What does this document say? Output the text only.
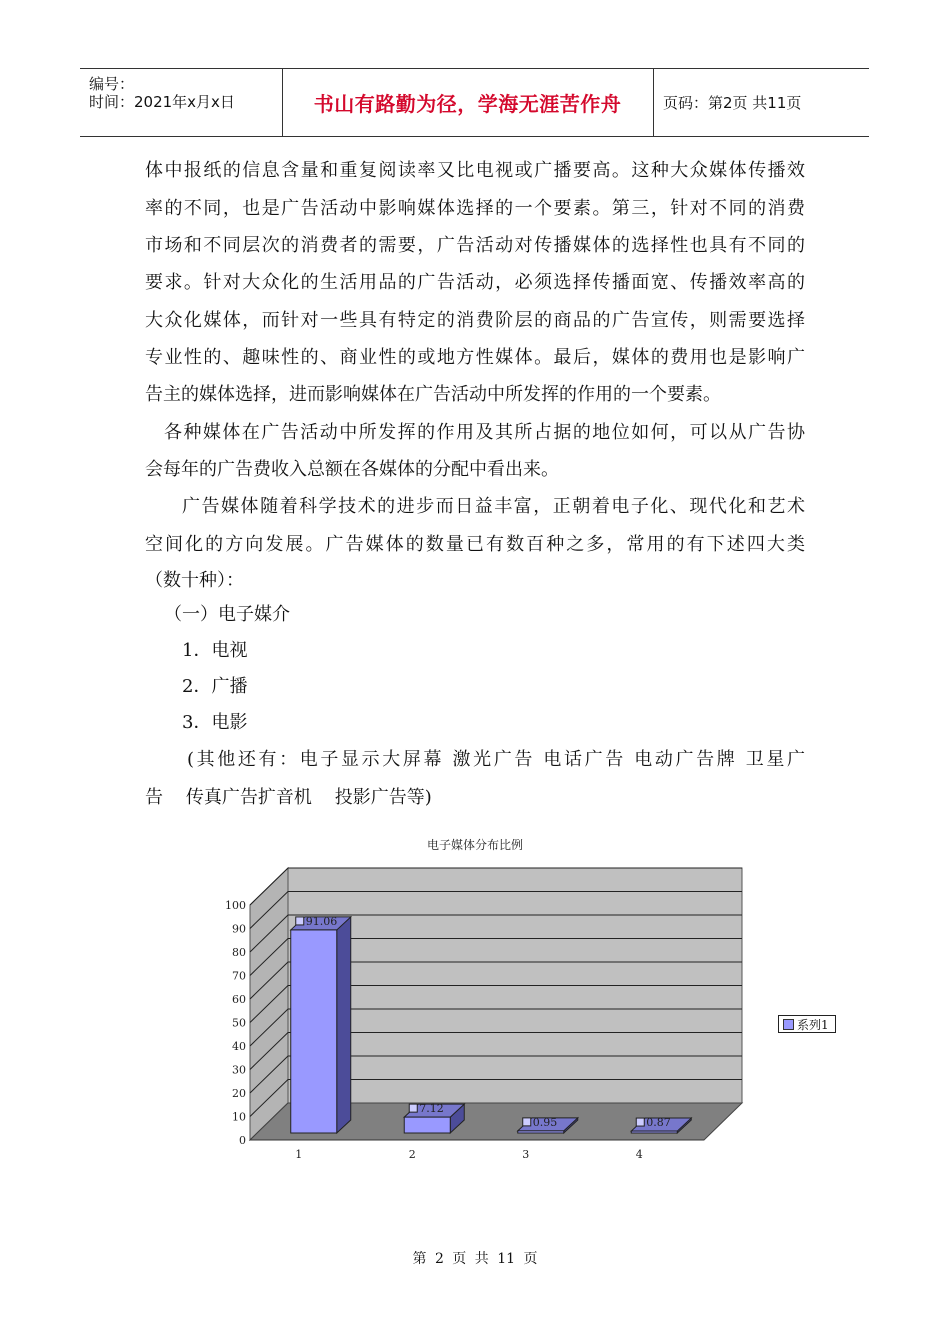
编号：
时间：2021年x月x日	书山有路勤为径，学海无涯苦作舟	页码：第2页 共11页
体中报纸的信息含量和重复阅读率又比电视或广播要高。这种大众媒体传播效
率的不同，也是广告活动中影响媒体选择的一个要素。第三，针对不同的消费
市场和不同层次的消费者的需要，广告活动对传播媒体的选择性也具有不同的
要求。针对大众化的生活用品的广告活动，必须选择传播面宽、传播效率高的
大众化媒体，而针对一些具有特定的消费阶层的商品的广告宣传，则需要选择
专业性的、趣味性的、商业性的或地方性媒体。最后，媒体的费用也是影响广
告主的媒体选择，进而影响媒体在广告活动中所发挥的作用的一个要素。
各种媒体在广告活动中所发挥的作用及其所占据的地位如何，可以从广告协
会每年的广告费收入总额在各媒体的分配中看出来。
广告媒体随着科学技术的进步而日益丰富，正朝着电子化、现代化和艺术
空间化的方向发展。广告媒体的数量已有数百种之多，常用的有下述四大类
（数十种）：
（一）电子媒介
1．电视
2．广播
3．电影
(其他还有：电子显示大屏幕 激光广告 电话广告 电动广告牌 卫星广
告    传真广告扩音机    投影广告等)
电子媒体分布比例
0
10
20
30
40
50
60
70
80
90
100
91.06
1
7.12
2
0.95
3
0.87
4
系列1
第 2 页 共 11 页
